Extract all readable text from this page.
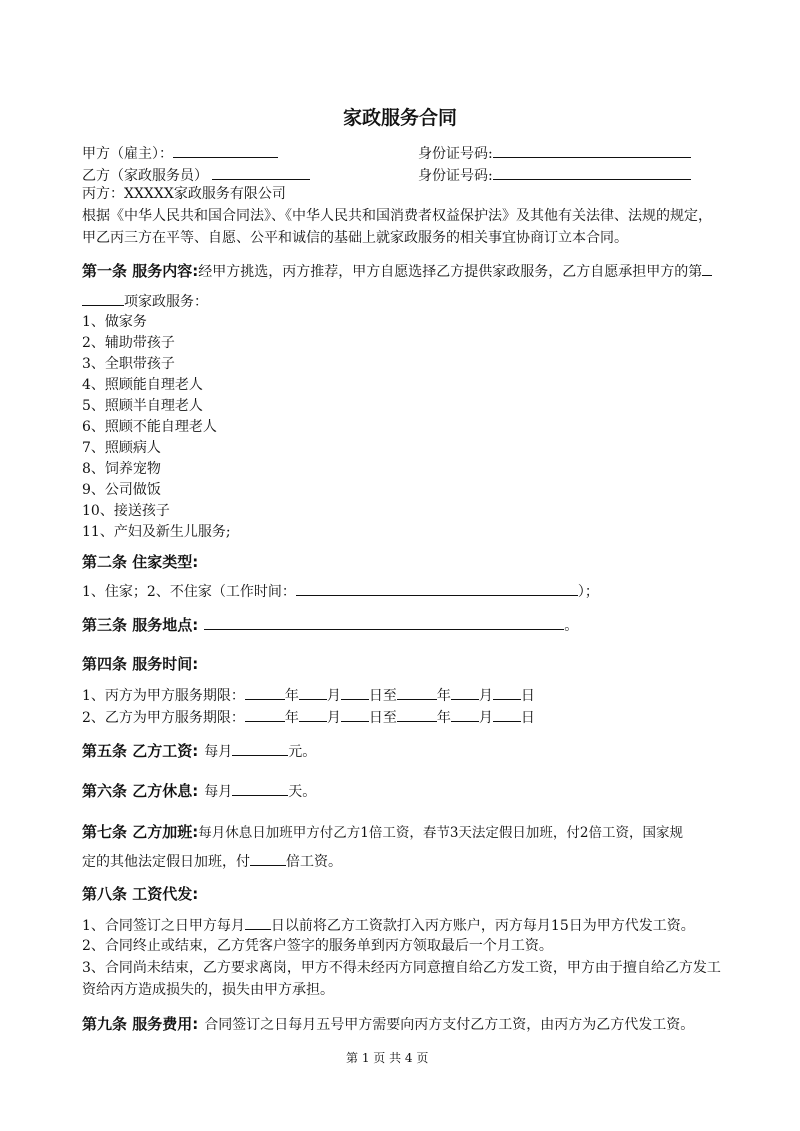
家政服务合同
甲方（雇主）：	身份证号码:
乙方（家政服务员）	身份证号码:
丙方：XXXXX家政服务有限公司
根据《中华人民共和国合同法》、《中华人民共和国消费者权益保护法》及其他有关法律、法规的规定，
甲乙丙三方在平等、自愿、公平和诚信的基础上就家政服务的相关事宜协商订立本合同。
第一条 服务内容:经甲方挑选，丙方推荐，甲方自愿选择乙方提供家政服务，乙方自愿承担甲方的第
项家政服务：
1、做家务
2、辅助带孩子
3、全职带孩子
4、照顾能自理老人
5、照顾半自理老人
6、照顾不能自理老人
7、照顾病人
8、饲养宠物
9、公司做饭
10、接送孩子
11、产妇及新生儿服务;
第二条 住家类型:
1、住家；2、不住家（工作时间：	）；
第三条 服务地点:	。
第四条 服务时间:
1、丙方为甲方服务期限：	年 月 日至	年 月 日
2、乙方为甲方服务期限：	年 月 日至	年 月 日
第五条 乙方工资: 每月	元。
第六条 乙方休息: 每月	天。
第七条 乙方加班:每月休息日加班甲方付乙方1倍工资，春节3天法定假日加班，付2倍工资，国家规
定的其他法定假日加班，付	倍工资。
第八条 工资代发:
1、合同签订之日甲方每月 日以前将乙方工资款打入丙方账户，丙方每月15日为甲方代发工资。
2、合同终止或结束，乙方凭客户签字的服务单到丙方领取最后一个月工资。
3、合同尚未结束，乙方要求离岗，甲方不得未经丙方同意擅自给乙方发工资，甲方由于擅自给乙方发工
资给丙方造成损失的，损失由甲方承担。
第九条 服务费用: 合同签订之日每月五号甲方需要向丙方支付乙方工资，由丙方为乙方代发工资。
第 1 页 共 4 页
